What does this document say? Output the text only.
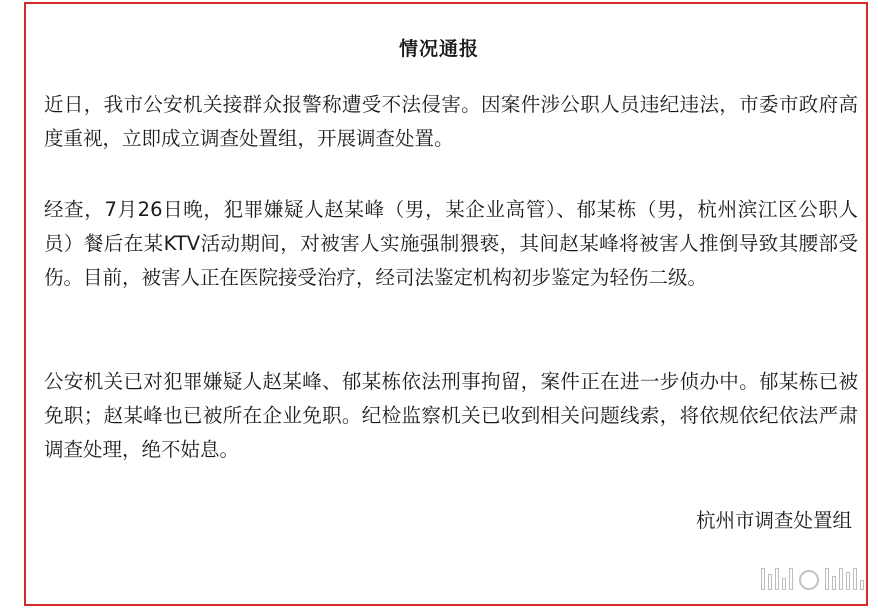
情况通报
近日，我市公安机关接群众报警称遭受不法侵害。因案件涉公职人员违纪违法，市委市政府高度重视，立即成立调查处置组，开展调查处置。
经查，7月26日晚，犯罪嫌疑人赵某峰（男，某企业高管）、郁某栋（男，杭州滨江区公职人员）餐后在某KTV活动期间，对被害人实施强制猥亵，其间赵某峰将被害人推倒导致其腰部受伤。目前，被害人正在医院接受治疗，经司法鉴定机构初步鉴定为轻伤二级。
公安机关已对犯罪嫌疑人赵某峰、郁某栋依法刑事拘留，案件正在进一步侦办中。郁某栋已被免职；赵某峰也已被所在企业免职。纪检监察机关已收到相关问题线索，将依规依纪依法严肃调查处理，绝不姑息。
杭州市调查处置组
